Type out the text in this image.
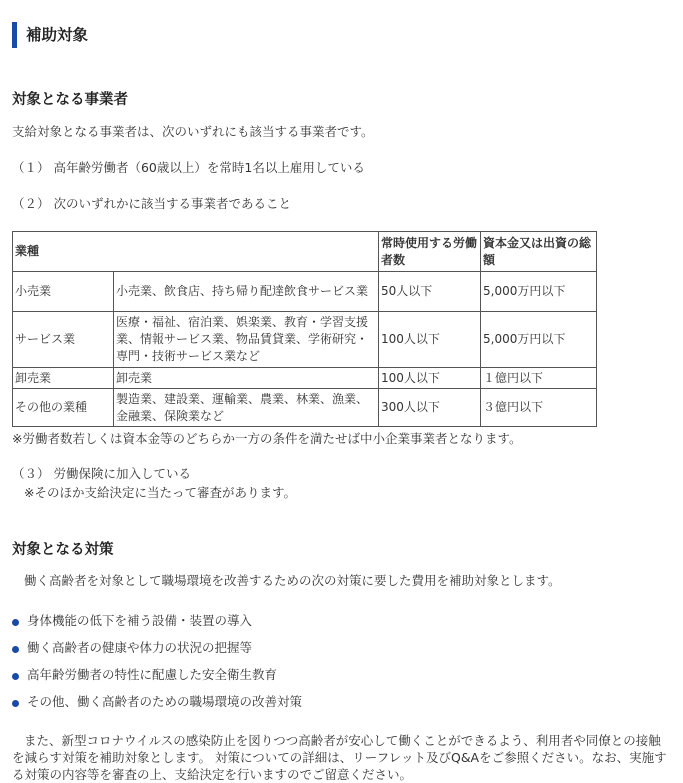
補助対象
対象となる事業者
支給対象となる事業者は、次のいずれにも該当する事業者です。
（１） 高年齢労働者（60歳以上）を常時1名以上雇用している
（２） 次のいずれかに該当する事業者であること
業種		常時使用する労働者数	資本金又は出資の総額
小売業	小売業、飲食店、持ち帰り配達飲食サービス業	50人以下	5,000万円以下
サービス業	医療・福祉、宿泊業、娯楽業、教育・学習支援業、情報サービス業、物品賃貸業、学術研究・専門・技術サービス業など	100人以下	5,000万円以下
卸売業	卸売業	100人以下	１億円以下
その他の業種	製造業、建設業、運輸業、農業、林業、漁業、金融業、保険業など	300人以下	３億円以下
※労働者数若しくは資本金等のどちらか一方の条件を満たせば中小企業事業者となります。
（３） 労働保険に加入している
※そのほか支給決定に当たって審査があります。
対象となる対策
働く高齢者を対象として職場環境を改善するための次の対策に要した費用を補助対象とします。
身体機能の低下を補う設備・装置の導入
働く高齢者の健康や体力の状況の把握等
高年齢労働者の特性に配慮した安全衛生教育
その他、働く高齢者のための職場環境の改善対策
また、新型コロナウイルスの感染防止を図りつつ高齢者が安心して働くことができるよう、利用者や同僚との接触を減らす対策を補助対象とします。 対策についての詳細は、リーフレット及びQ&Aをご参照ください。なお、実施する対策の内容等を審査の上、支給決定を行いますのでご留意ください。
